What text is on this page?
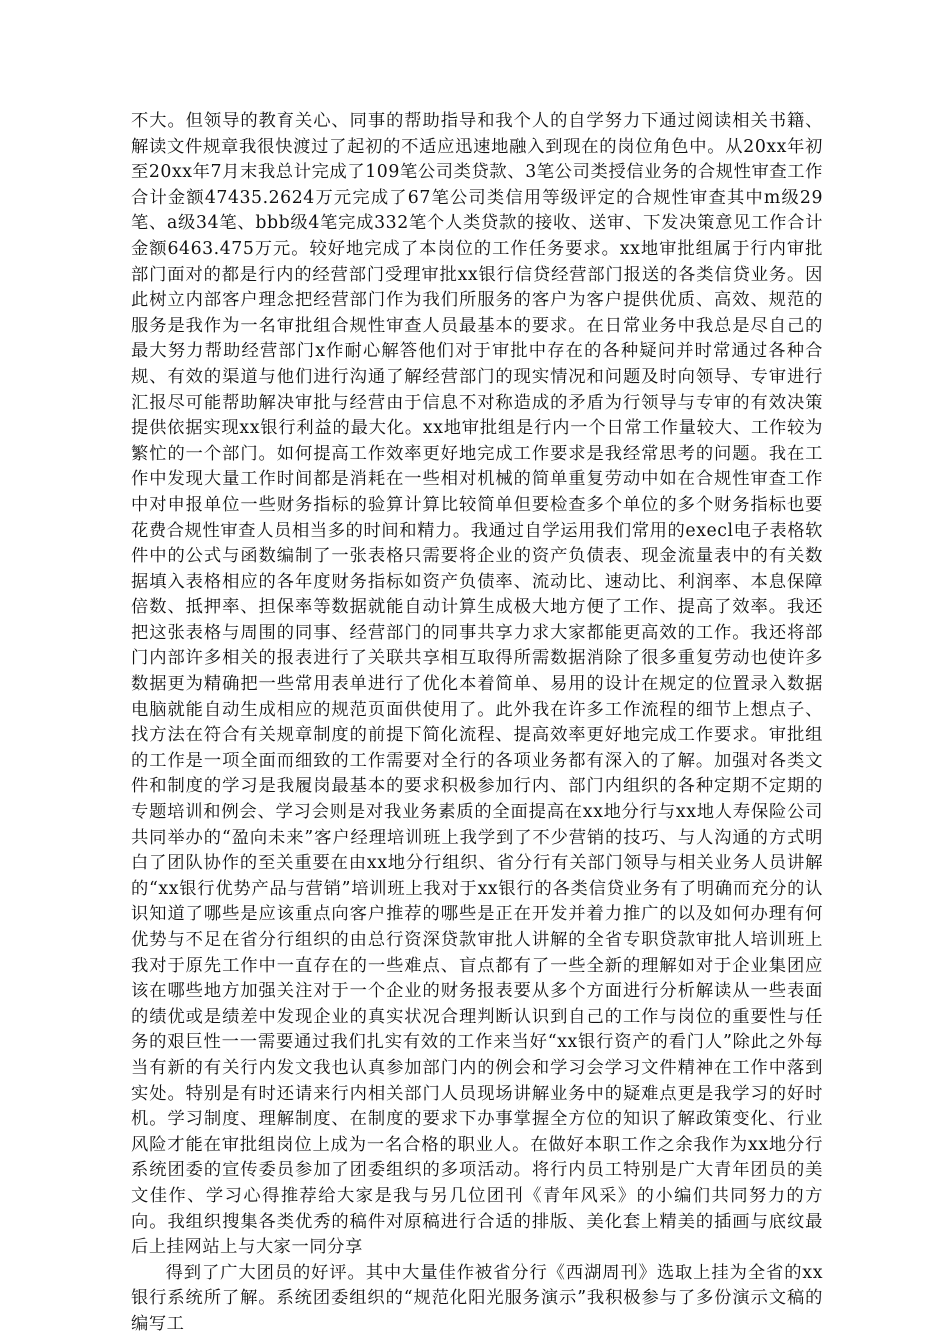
不大。但领导的教育关心、同事的帮助指导和我个人的自学努力下通过阅读相关书籍、解读文件规章我很快渡过了起初的不适应迅速地融入到现在的岗位角色中。从20xx年初至20xx年7月末我总计完成了109笔公司类贷款、3笔公司类授信业务的合规性审查工作合计金额47435.2624万元完成了67笔公司类信用等级评定的合规性审查其中m级29笔、a级34笔、bbb级4笔完成332笔个人类贷款的接收、送审、下发决策意见工作合计金额6463.475万元。较好地完成了本岗位的工作任务要求。xx地审批组属于行内审批部门面对的都是行内的经营部门受理审批xx银行信贷经营部门报送的各类信贷业务。因此树立内部客户理念把经营部门作为我们所服务的客户为客户提供优质、高效、规范的服务是我作为一名审批组合规性审查人员最基本的要求。在日常业务中我总是尽自己的最大努力帮助经营部门x作耐心解答他们对于审批中存在的各种疑问并时常通过各种合规、有效的渠道与他们进行沟通了解经营部门的现实情况和问题及时向领导、专审进行汇报尽可能帮助解决审批与经营由于信息不对称造成的矛盾为行领导与专审的有效决策提供依据实现xx银行利益的最大化。xx地审批组是行内一个日常工作量较大、工作较为繁忙的一个部门。如何提高工作效率更好地完成工作要求是我经常思考的问题。我在工作中发现大量工作时间都是消耗在一些相对机械的简单重复劳动中如在合规性审查工作中对申报单位一些财务指标的验算计算比较简单但要检查多个单位的多个财务指标也要花费合规性审查人员相当多的时间和精力。我通过自学运用我们常用的execl电子表格软件中的公式与函数编制了一张表格只需要将企业的资产负债表、现金流量表中的有关数据填入表格相应的各年度财务指标如资产负债率、流动比、速动比、利润率、本息保障倍数、抵押率、担保率等数据就能自动计算生成极大地方便了工作、提高了效率。我还把这张表格与周围的同事、经营部门的同事共享力求大家都能更高效的工作。我还将部门内部许多相关的报表进行了关联共享相互取得所需数据消除了很多重复劳动也使许多数据更为精确把一些常用表单进行了优化本着简单、易用的设计在规定的位置录入数据电脑就能自动生成相应的规范页面供使用了。此外我在许多工作流程的细节上想点子、找方法在符合有关规章制度的前提下简化流程、提高效率更好地完成工作要求。审批组的工作是一项全面而细致的工作需要对全行的各项业务都有深入的了解。加强对各类文件和制度的学习是我履岗最基本的要求积极参加行内、部门内组织的各种定期不定期的专题培训和例会、学习会则是对我业务素质的全面提高在xx地分行与xx地人寿保险公司共同举办的“盈向未来”客户经理培训班上我学到了不少营销的技巧、与人沟通的方式明白了团队协作的至关重要在由xx地分行组织、省分行有关部门领导与相关业务人员讲解的“xx银行优势产品与营销”培训班上我对于xx银行的各类信贷业务有了明确而充分的认识知道了哪些是应该重点向客户推荐的哪些是正在开发并着力推广的以及如何办理有何优势与不足在省分行组织的由总行资深贷款审批人讲解的全省专职贷款审批人培训班上我对于原先工作中一直存在的一些难点、盲点都有了一些全新的理解如对于企业集团应该在哪些地方加强关注对于一个企业的财务报表要从多个方面进行分析解读从一些表面的绩优或是绩差中发现企业的真实状况合理判断认识到自己的工作与岗位的重要性与任务的艰巨性一一需要通过我们扎实有效的工作来当好“xx银行资产的看门人”除此之外每当有新的有关行内发文我也认真参加部门内的例会和学习会学习文件精神在工作中落到实处。特别是有时还请来行内相关部门人员现场讲解业务中的疑难点更是我学习的好时机。学习制度、理解制度、在制度的要求下办事掌握全方位的知识了解政策变化、行业风险才能在审批组岗位上成为一名合格的职业人。在做好本职工作之余我作为xx地分行系统团委的宣传委员参加了团委组织的多项活动。将行内员工特别是广大青年团员的美文佳作、学习心得推荐给大家是我与另几位团刊《青年风采》的小编们共同努力的方向。我组织搜集各类优秀的稿件对原稿进行合适的排版、美化套上精美的插画与底纹最后上挂网站上与大家一同分享

得到了广大团员的好评。其中大量佳作被省分行《西湖周刊》选取上挂为全省的xx银行系统所了解。系统团委组织的“规范化阳光服务演示”我积极参与了多份演示文稿的编写工
